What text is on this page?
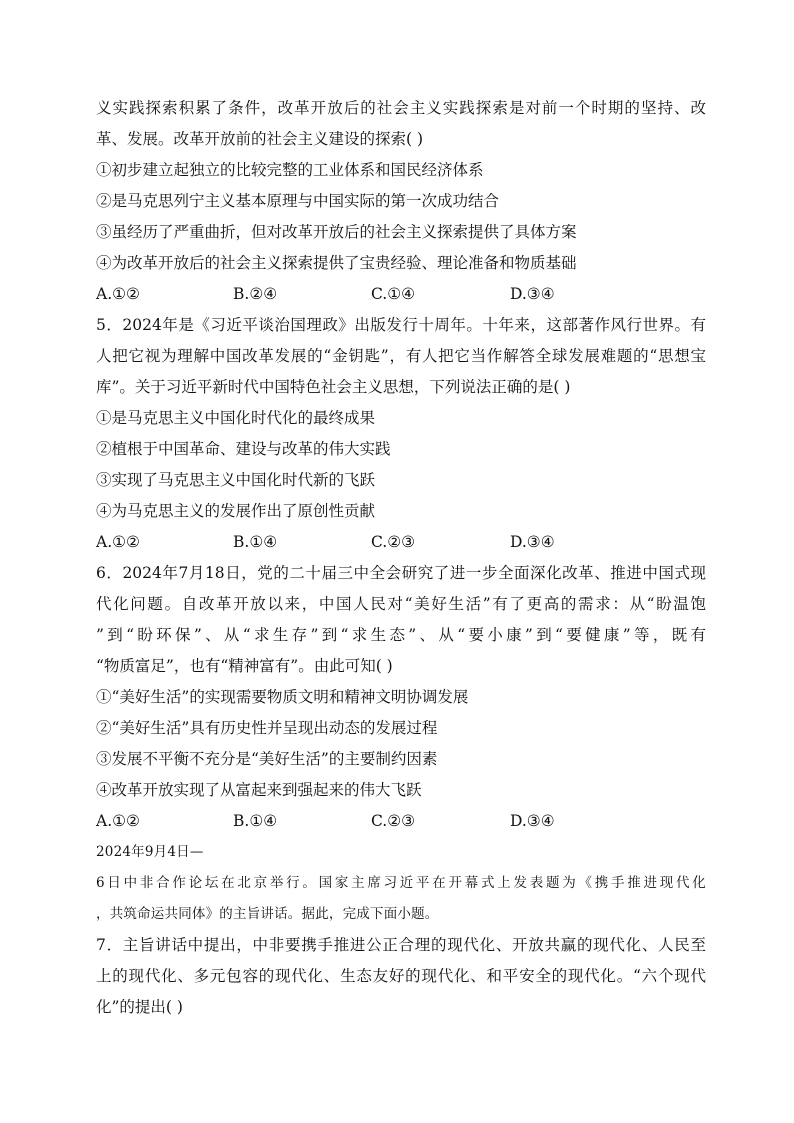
义实践探索积累了条件，改革开放后的社会主义实践探索是对前一个时期的坚持、改
革、发展。改革开放前的社会主义建设的探索( )
①初步建立起独立的比较完整的工业体系和国民经济体系
②是马克思列宁主义基本原理与中国实际的第一次成功结合
③虽经历了严重曲折，但对改革开放后的社会主义探索提供了具体方案
④为改革开放后的社会主义探索提供了宝贵经验、理论准备和物质基础
A.①②	B.②④	C.①④	D.③④
5．2024年是《习近平谈治国理政》出版发行十周年。十年来，这部著作风行世界。有
人把它视为理解中国改革发展的“金钥匙”，有人把它当作解答全球发展难题的“思想宝
库”。关于习近平新时代中国特色社会主义思想，下列说法正确的是( )
①是马克思主义中国化时代化的最终成果
②植根于中国革命、建设与改革的伟大实践
③实现了马克思主义中国化时代新的飞跃
④为马克思主义的发展作出了原创性贡献
A.①②	B.①④	C.②③	D.③④
6．2024年7月18日，党的二十届三中全会研究了进一步全面深化改革、推进中国式现
代化问题。自改革开放以来，中国人民对“美好生活”有了更高的需求：从“盼温饱
”到“盼环保”、从“求生存”到“求生态”、从“要小康”到“要健康”等，既有
“物质富足”，也有“精神富有”。由此可知( )
①“美好生活”的实现需要物质文明和精神文明协调发展
②“美好生活”具有历史性并呈现出动态的发展过程
③发展不平衡不充分是“美好生活”的主要制约因素
④改革开放实现了从富起来到强起来的伟大飞跃
A.①②	B.①④	C.②③	D.③④
2024年9月4日—
6日中非合作论坛在北京举行。国家主席习近平在开幕式上发表题为《携手推进现代化
，共筑命运共同体》的主旨讲话。据此，完成下面小题。
7．主旨讲话中提出，中非要携手推进公正合理的现代化、开放共赢的现代化、人民至
上的现代化、多元包容的现代化、生态友好的现代化、和平安全的现代化。“六个现代
化”的提出( )
